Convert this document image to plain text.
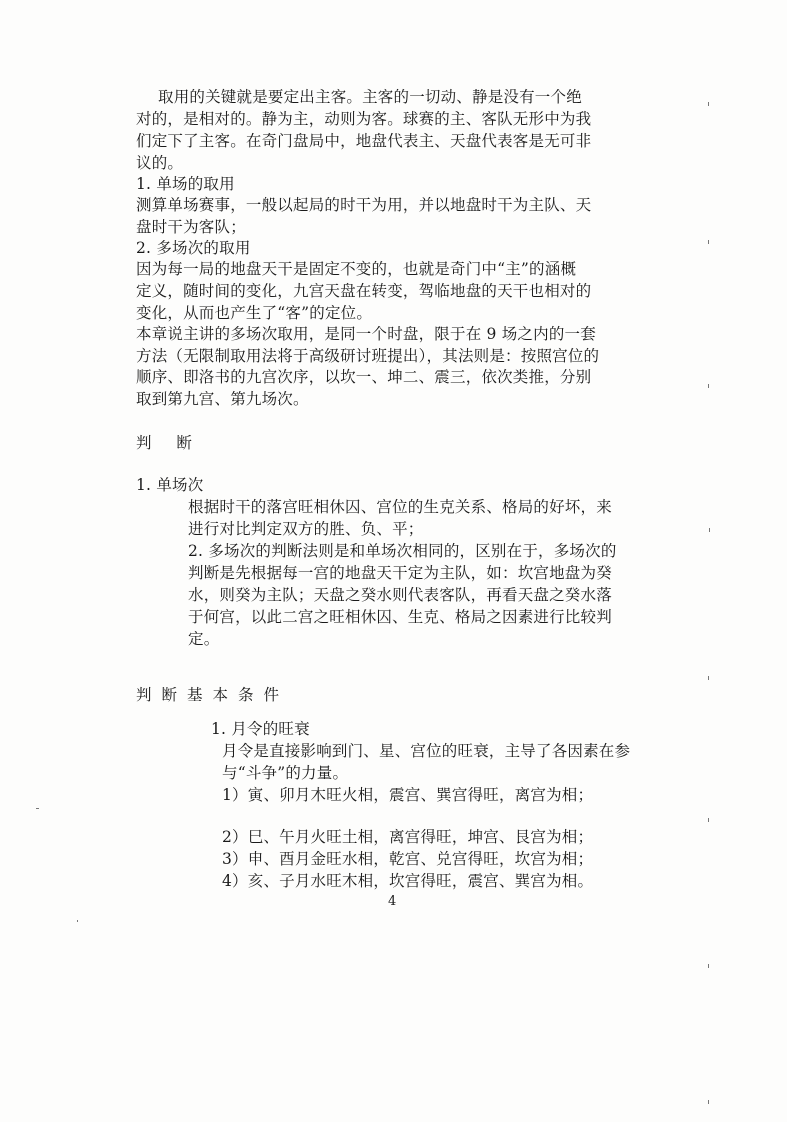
取用的关键就是要定出主客。主客的一切动、静是没有一个绝
对的，是相对的。静为主，动则为客。球赛的主、客队无形中为我
们定下了主客。在奇门盘局中，地盘代表主、天盘代表客是无可非
议的。
1. 单场的取用
测算单场赛事，一般以起局的时干为用，并以地盘时干为主队、天
盘时干为客队；
2. 多场次的取用
因为每一局的地盘天干是固定不变的，也就是奇门中“主”的涵概
定义，随时间的变化，九宫天盘在转变，驾临地盘的天干也相对的
变化，从而也产生了“客”的定位。
本章说主讲的多场次取用，是同一个时盘，限于在 9 场之内的一套
方法（无限制取用法将于高级研讨班提出），其法则是：按照宫位的
顺序、即洛书的九宫次序，以坎一、坤二、震三，依次类推，分别
取到第九宫、第九场次。
判 断
1. 单场次
根据时干的落宫旺相休囚、宫位的生克关系、格局的好坏，来
进行对比判定双方的胜、负、平；
2. 多场次的判断法则是和单场次相同的，区别在于，多场次的
判断是先根据每一宫的地盘天干定为主队，如：坎宫地盘为癸
水，则癸为主队；天盘之癸水则代表客队，再看天盘之癸水落
于何宫，以此二宫之旺相休囚、生克、格局之因素进行比较判
定。
判断基本条件
1. 月令的旺衰
月令是直接影响到门、星、宫位的旺衰，主导了各因素在参
与“斗争”的力量。
1）寅、卯月木旺火相，震宫、巽宫得旺，离宫为相；
2）巳、午月火旺土相，离宫得旺，坤宫、艮宫为相；
3）申、酉月金旺水相，乾宫、兑宫得旺，坎宫为相；
4）亥、子月水旺木相，坎宫得旺，震宫、巽宫为相。
4
